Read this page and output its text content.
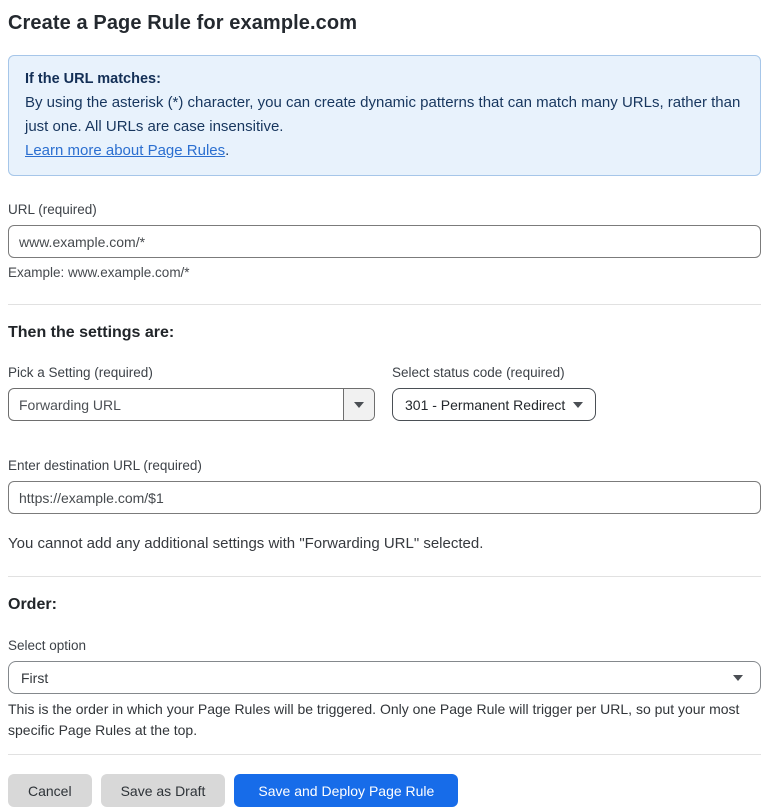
Create a Page Rule for example.com
If the URL matches:
By using the asterisk (*) character, you can create dynamic patterns that can match many URLs, rather than just one. All URLs are case insensitive.
Learn more about Page Rules.
URL (required)
www.example.com/*
Example: www.example.com/*
Then the settings are:
Pick a Setting (required)
Forwarding URL
Select status code (required)
301 - Permanent Redirect
Enter destination URL (required)
https://example.com/$1
You cannot add any additional settings with "Forwarding URL" selected.
Order:
Select option
First
This is the order in which your Page Rules will be triggered. Only one Page Rule will trigger per URL, so put your most specific Page Rules at the top.
Cancel	Save as Draft	Save and Deploy Page Rule
